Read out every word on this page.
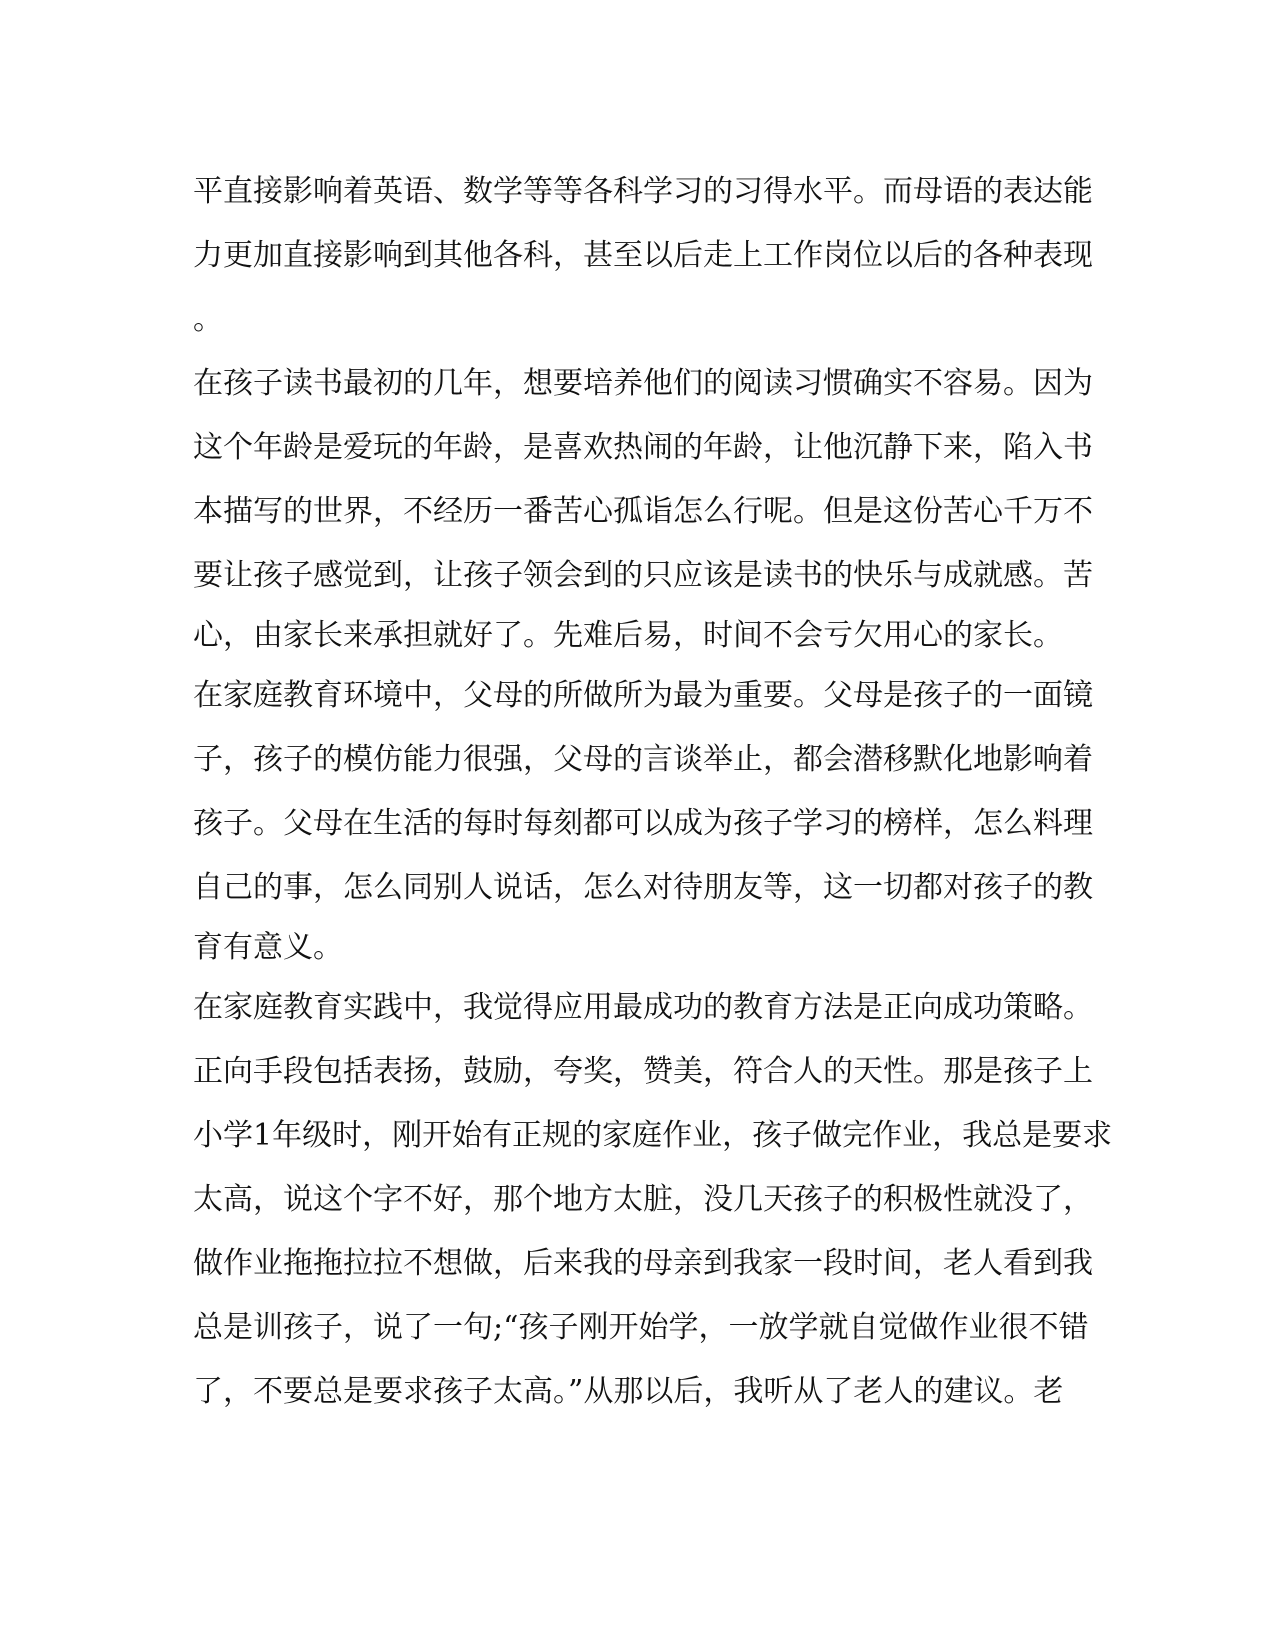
平直接影响着英语、数学等等各科学习的习得水平。而母语的表达能
力更加直接影响到其他各科，甚至以后走上工作岗位以后的各种表现
。
在孩子读书最初的几年，想要培养他们的阅读习惯确实不容易。因为
这个年龄是爱玩的年龄，是喜欢热闹的年龄，让他沉静下来，陷入书
本描写的世界，不经历一番苦心孤诣怎么行呢。但是这份苦心千万不
要让孩子感觉到，让孩子领会到的只应该是读书的快乐与成就感。苦
心，由家长来承担就好了。先难后易，时间不会亏欠用心的家长。
在家庭教育环境中，父母的所做所为最为重要。父母是孩子的一面镜
子，孩子的模仿能力很强，父母的言谈举止，都会潜移默化地影响着
孩子。父母在生活的每时每刻都可以成为孩子学习的榜样，怎么料理
自己的事，怎么同别人说话，怎么对待朋友等，这一切都对孩子的教
育有意义。
在家庭教育实践中，我觉得应用最成功的教育方法是正向成功策略。
正向手段包括表扬，鼓励，夸奖，赞美，符合人的天性。那是孩子上
小学1年级时，刚开始有正规的家庭作业，孩子做完作业，我总是要求
太高，说这个字不好，那个地方太脏，没几天孩子的积极性就没了，
做作业拖拖拉拉不想做，后来我的母亲到我家一段时间，老人看到我
总是训孩子，说了一句;“孩子刚开始学，一放学就自觉做作业很不错
了，不要总是要求孩子太高。”从那以后，我听从了老人的建议。老
